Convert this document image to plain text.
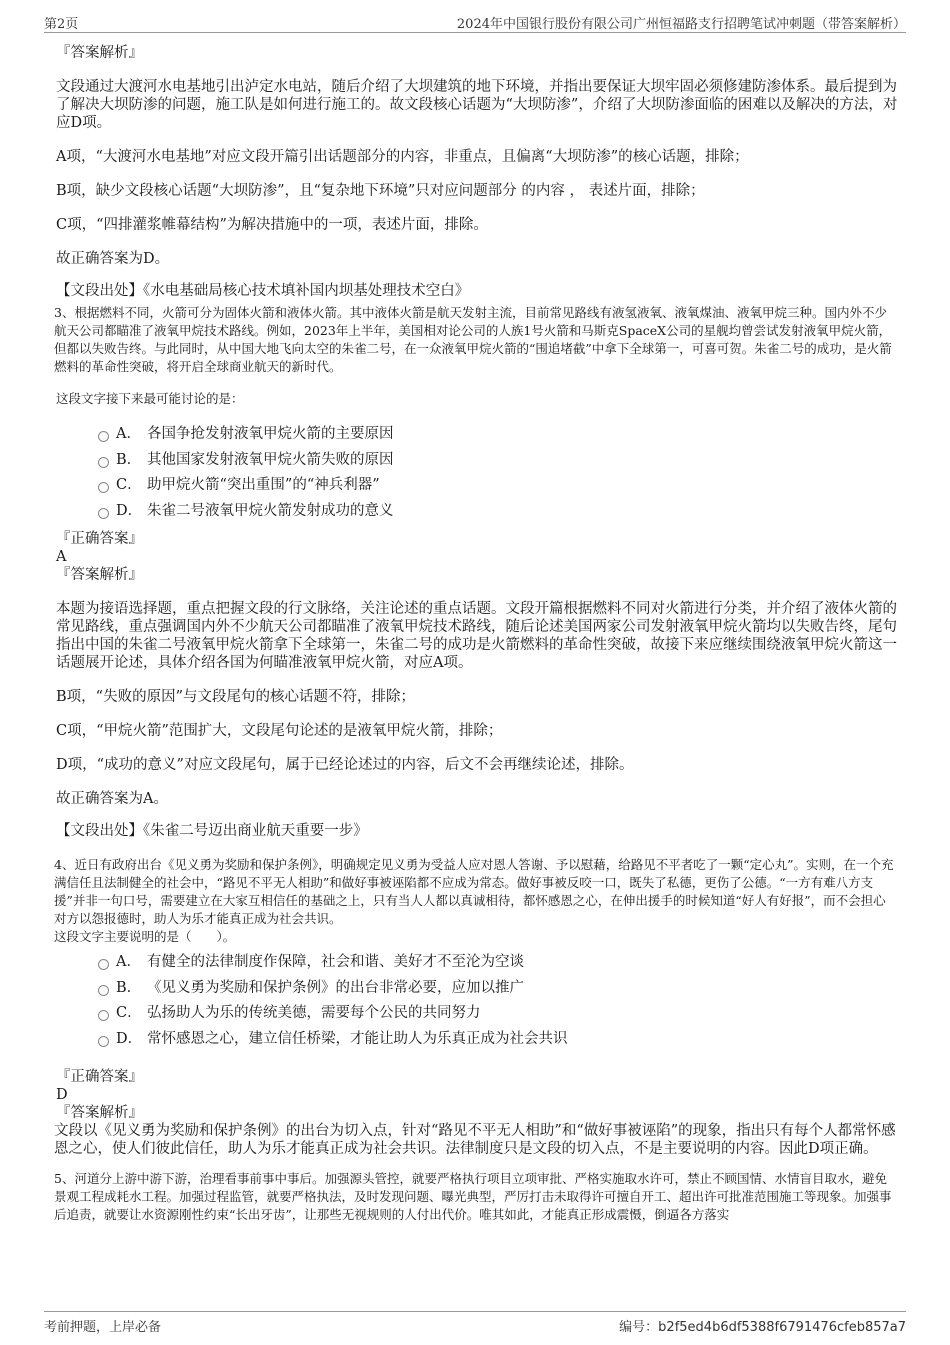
第2页	2024年中国银行股份有限公司广州恒福路支行招聘笔试冲刺题（带答案解析）
『答案解析』

文段通过大渡河水电基地引出泸定水电站，随后介绍了大坝建筑的地下环境，并指出要保证大坝牢固必须修建防渗体系。最后提到为了解决大坝防渗的问题，施工队是如何进行施工的。故文段核心话题为“大坝防渗”，介绍了大坝防渗面临的困难以及解决的方法，对应D项。

A项，“大渡河水电基地”对应文段开篇引出话题部分的内容，非重点，且偏离“大坝防渗”的核心话题，排除；

B项，缺少文段核心话题“大坝防渗”，且“复杂地下环境”只对应问题部分 的内容 ， 表述片面，排除；

C项，“四排灌浆帷幕结构”为解决措施中的一项，表述片面，排除。

故正确答案为D。

【文段出处】《水电基础局核心技术填补国内坝基处理技术空白》

3、根据燃料不同，火箭可分为固体火箭和液体火箭。其中液体火箭是航天发射主流，目前常见路线有液氢液氧、液氧煤油、液氧甲烷三种。国内外不少航天公司都瞄准了液氧甲烷技术路线。例如，2023年上半年，美国相对论公司的人族1号火箭和马斯克SpaceX公司的星舰均曾尝试发射液氧甲烷火箭，但都以失败告终。与此同时，从中国大地飞向太空的朱雀二号，在一众液氧甲烷火箭的“围追堵截”中拿下全球第一，可喜可贺。朱雀二号的成功，是火箭燃料的革命性突破，将开启全球商业航天的新时代。

这段文字接下来最可能讨论的是：

A． 各国争抢发射液氧甲烷火箭的主要原因
B． 其他国家发射液氧甲烷火箭失败的原因
C． 助甲烷火箭“突出重围”的“神兵利器”
D． 朱雀二号液氧甲烷火箭发射成功的意义
『正确答案』
A
『答案解析』

本题为接语选择题，重点把握文段的行文脉络，关注论述的重点话题。文段开篇根据燃料不同对火箭进行分类，并介绍了液体火箭的常见路线，重点强调国内外不少航天公司都瞄准了液氧甲烷技术路线，随后论述美国两家公司发射液氧甲烷火箭均以失败告终，尾句指出中国的朱雀二号液氧甲烷火箭拿下全球第一，朱雀二号的成功是火箭燃料的革命性突破，故接下来应继续围绕液氧甲烷火箭这一话题展开论述，具体介绍各国为何瞄准液氧甲烷火箭，对应A项。

B项，“失败的原因”与文段尾句的核心话题不符，排除；

C项，“甲烷火箭”范围扩大，文段尾句论述的是液氧甲烷火箭，排除；

D项，“成功的意义”对应文段尾句，属于已经论述过的内容，后文不会再继续论述，排除。

故正确答案为A。

【文段出处】《朱雀二号迈出商业航天重要一步》

4、近日有政府出台《见义勇为奖励和保护条例》，明确规定见义勇为受益人应对恩人答谢、予以慰藉，给路见不平者吃了一颗“定心丸”。实则，在一个充满信任且法制健全的社会中，“路见不平无人相助”和做好事被诬陷都不应成为常态。做好事被反咬一口，既失了私德，更伤了公德。“一方有难八方支援”并非一句口号，需要建立在大家互相信任的基础之上，只有当人人都以真诚相待，都怀感恩之心，在伸出援手的时候知道“好人有好报”，而不会担心对方以怨报德时，助人为乐才能真正成为社会共识。

这段文字主要说明的是（　　）。

A． 有健全的法律制度作保障，社会和谐、美好才不至沦为空谈
B． 《见义勇为奖励和保护条例》的出台非常必要，应加以推广
C． 弘扬助人为乐的传统美德，需要每个公民的共同努力
D． 常怀感恩之心，建立信任桥梁，才能让助人为乐真正成为社会共识
『正确答案』
D
『答案解析』

文段以《见义勇为奖励和保护条例》的出台为切入点，针对“路见不平无人相助”和“做好事被诬陷”的现象，指出只有每个人都常怀感恩之心，使人们彼此信任，助人为乐才能真正成为社会共识。法律制度只是文段的切入点，不是主要说明的内容。因此D项正确。

5、河道分上游中游下游，治理看事前事中事后。加强源头管控，就要严格执行项目立项审批、严格实施取水许可，禁止不顾国情、水情盲目取水，避免景观工程成耗水工程。加强过程监管，就要严格执法，及时发现问题、曝光典型，严厉打击未取得许可擅自开工、超出许可批准范围施工等现象。加强事后追责，就要让水资源刚性约束“长出牙齿”，让那些无视规则的人付出代价。唯其如此，才能真正形成震慑，倒逼各方落实

考前押题，上岸必备	编号：b2f5ed4b6df5388f6791476cfeb857a7
